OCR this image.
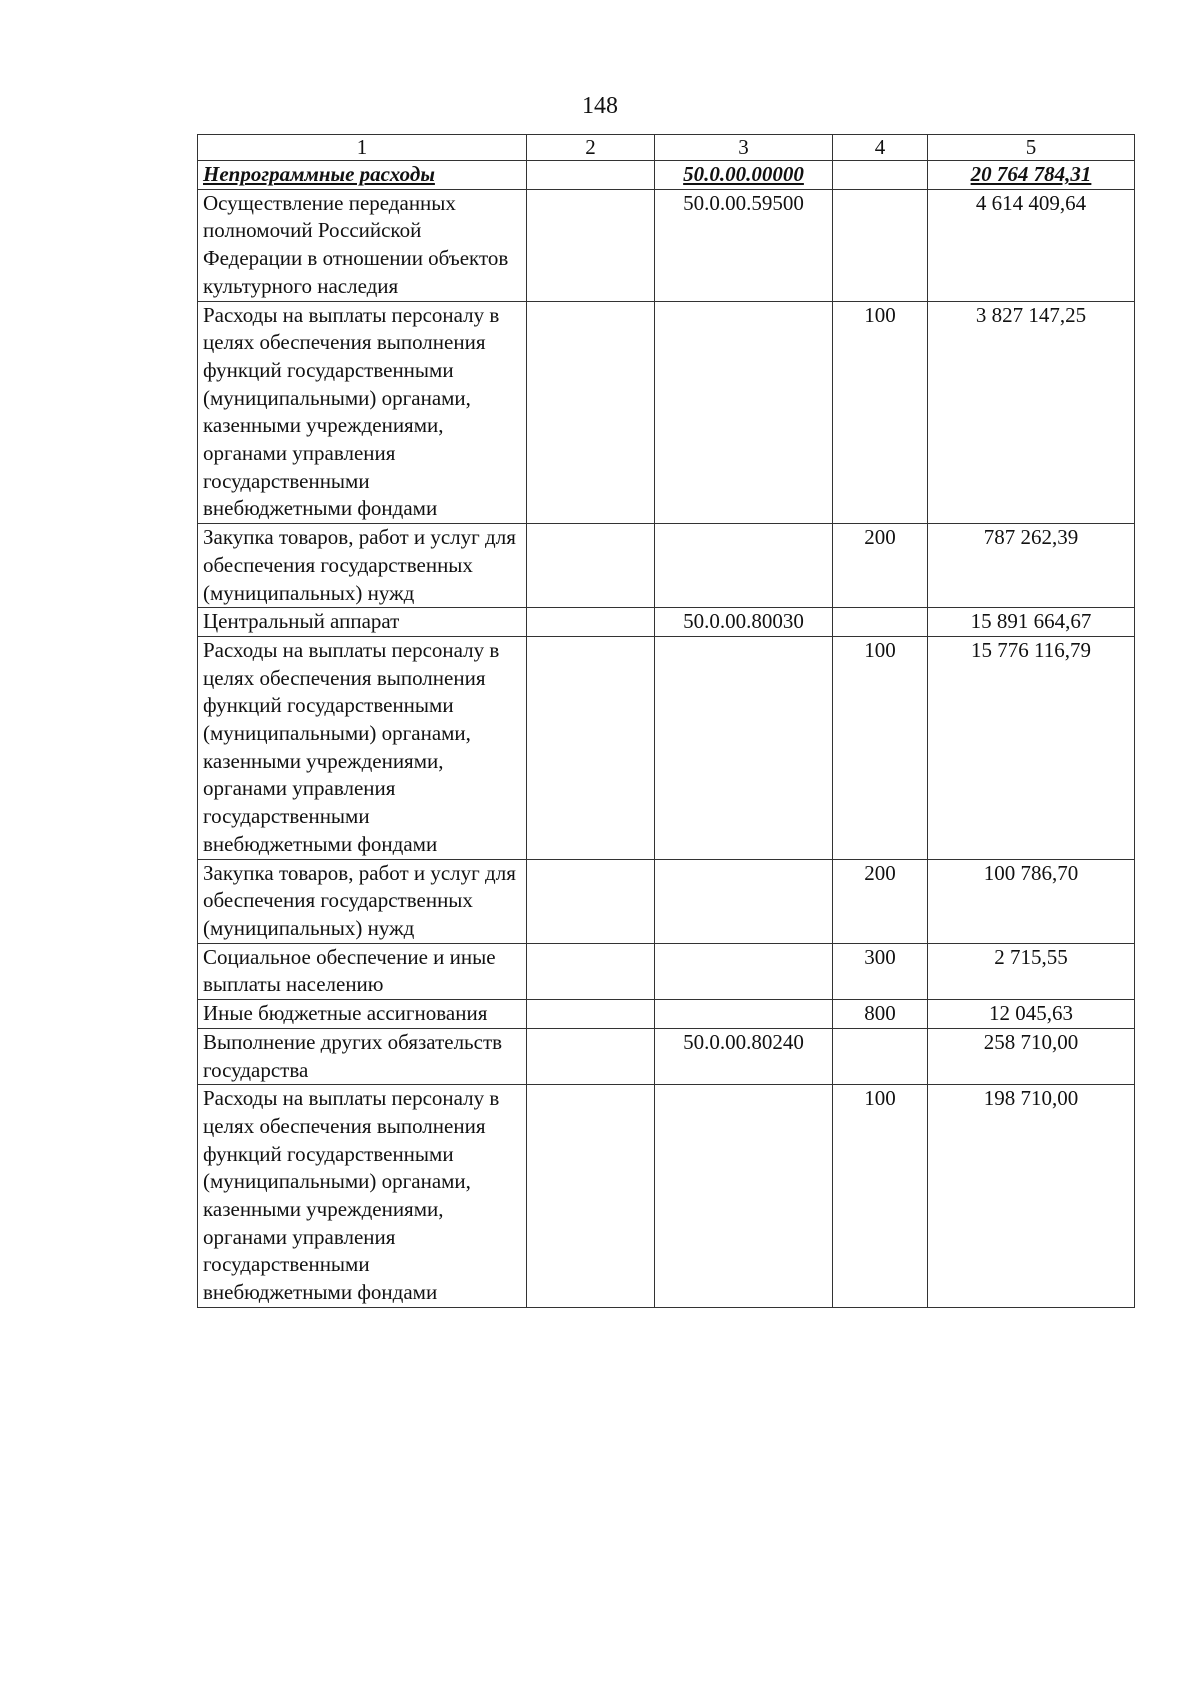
148
1	2	3	4	5
Непрограммные расходы		50.0.00.00000		20 764 784,31
Осуществление переданных полномочий Российской Федерации в отношении объектов культурного наследия		50.0.00.59500		4 614 409,64
Расходы на выплаты персоналу в целях обеспечения выполнения функций государственными (муниципальными) органами, казенными учреждениями, органами управления государственными внебюджетными фондами			100	3 827 147,25
Закупка товаров, работ и услуг для обеспечения государственных (муниципальных) нужд			200	787 262,39
Центральный аппарат		50.0.00.80030		15 891 664,67
Расходы на выплаты персоналу в целях обеспечения выполнения функций государственными (муниципальными) органами, казенными учреждениями, органами управления государственными внебюджетными фондами			100	15 776 116,79
Закупка товаров, работ и услуг для обеспечения государственных (муниципальных) нужд			200	100 786,70
Социальное обеспечение и иные выплаты населению			300	2 715,55
Иные бюджетные ассигнования			800	12 045,63
Выполнение других обязательств государства		50.0.00.80240		258 710,00
Расходы на выплаты персоналу в целях обеспечения выполнения функций государственными (муниципальными) органами, казенными учреждениями, органами управления государственными внебюджетными фондами			100	198 710,00
